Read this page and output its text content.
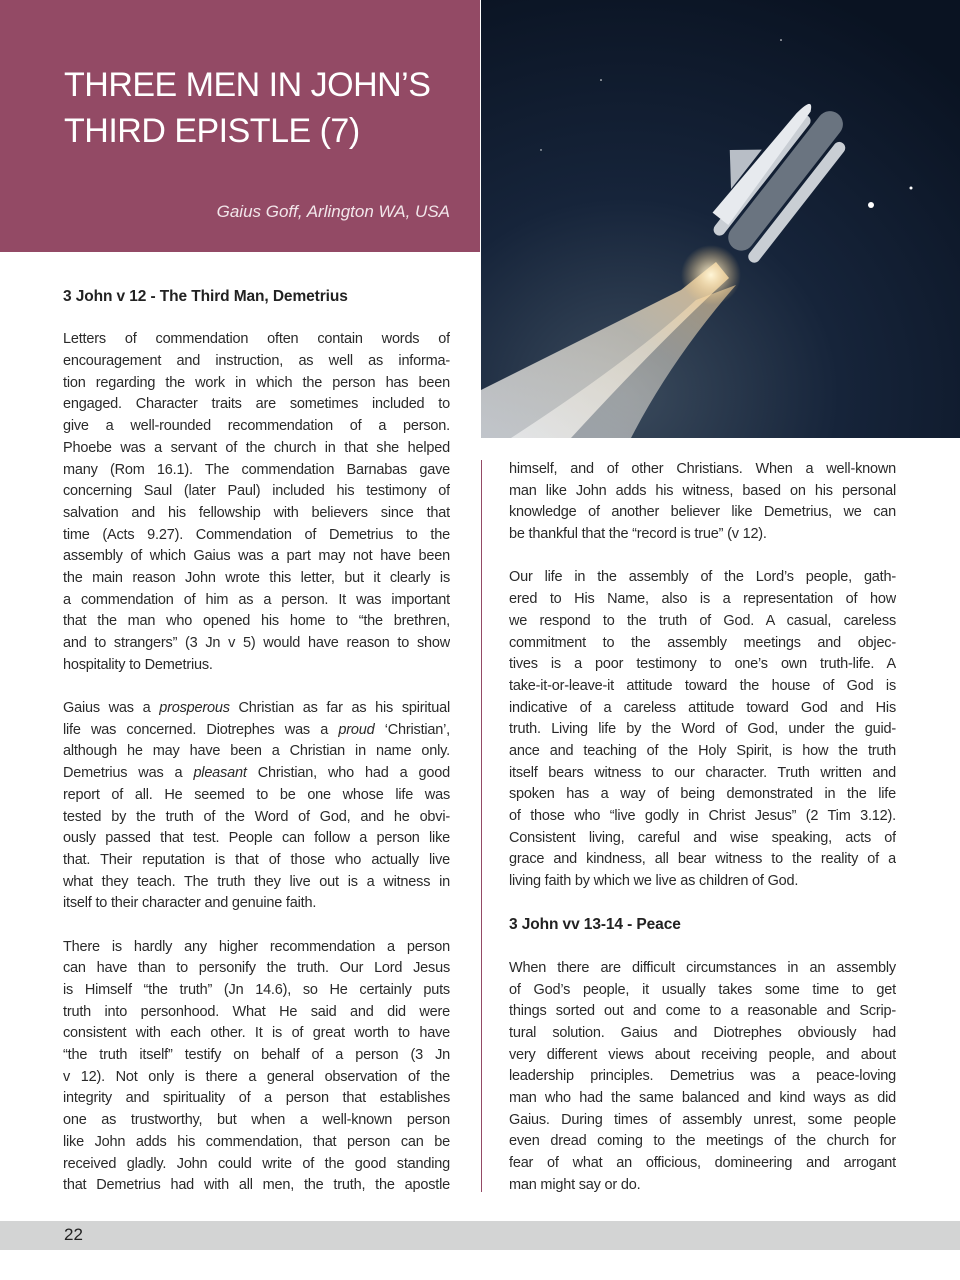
THREE MEN IN JOHN’S
THIRD EPISTLE (7)
Gaius Goff, Arlington WA, USA
3 John v 12 - The Third Man, Demetrius
Letters of commendation often contain words of
encouragement and instruction, as well as informa-
tion regarding the work in which the person has been
engaged. Character traits are sometimes included to
give a well-rounded recommendation of a person.
Phoebe was a servant of the church in that she helped
many (Rom 16.1). The commendation Barnabas gave
concerning Saul (later Paul) included his testimony of
salvation and his fellowship with believers since that
time (Acts 9.27). Commendation of Demetrius to the
assembly of which Gaius was a part may not have been
the main reason John wrote this letter, but it clearly is
a commendation of him as a person. It was important
that the man who opened his home to “the brethren,
and to strangers” (3 Jn v 5) would have reason to show
hospitality to Demetrius.
Gaius was a prosperous Christian as far as his spiritual
life was concerned. Diotrephes was a proud ‘Christian’,
although he may have been a Christian in name only.
Demetrius was a pleasant Christian, who had a good
report of all. He seemed to be one whose life was
tested by the truth of the Word of God, and he obvi-
ously passed that test. People can follow a person like
that. Their reputation is that of those who actually live
what they teach. The truth they live out is a witness in
itself to their character and genuine faith.
There is hardly any higher recommendation a person
can have than to personify the truth. Our Lord Jesus
is Himself “the truth” (Jn 14.6), so He certainly puts
truth into personhood. What He said and did were
consistent with each other. It is of great worth to have
“the truth itself” testify on behalf of a person (3 Jn
v 12). Not only is there a general observation of the
integrity and spirituality of a person that establishes
one as trustworthy, but when a well-known person
like John adds his commendation, that person can be
received gladly. John could write of the good standing
that Demetrius had with all men, the truth, the apostle
himself, and of other Christians. When a well-known
man like John adds his witness, based on his personal
knowledge of another believer like Demetrius, we can
be thankful that the “record is true” (v 12).
Our life in the assembly of the Lord’s people, gath-
ered to His Name, also is a representation of how
we respond to the truth of God. A casual, careless
commitment to the assembly meetings and objec-
tives is a poor testimony to one’s own truth-life. A
take-it-or-leave-it attitude toward the house of God is
indicative of a careless attitude toward God and His
truth. Living life by the Word of God, under the guid-
ance and teaching of the Holy Spirit, is how the truth
itself bears witness to our character. Truth written and
spoken has a way of being demonstrated in the life
of those who “live godly in Christ Jesus” (2 Tim 3.12).
Consistent living, careful and wise speaking, acts of
grace and kindness, all bear witness to the reality of a
living faith by which we live as children of God.
3 John vv 13-14 - Peace
When there are difficult circumstances in an assembly
of God’s people, it usually takes some time to get
things sorted out and come to a reasonable and Scrip-
tural solution. Gaius and Diotrephes obviously had
very different views about receiving people, and about
leadership principles. Demetrius was a peace-loving
man who had the same balanced and kind ways as did
Gaius. During times of assembly unrest, some people
even dread coming to the meetings of the church for
fear of what an officious, domineering and arrogant
man might say or do.
22
